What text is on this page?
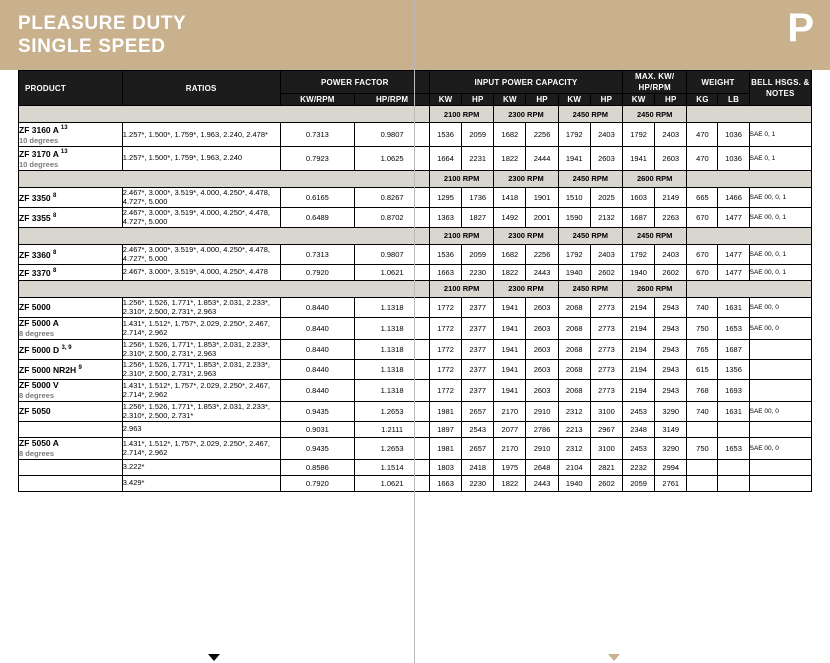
PLEASURE DUTY
SINGLE SPEED	P
PRODUCT	RATIOS	POWER FACTOR		INPUT POWER CAPACITY						MAX. KW/ HP/RPM		WEIGHT		BELL HSGS. & NOTES
		KW/RPM	HP/RPM	KW	HP	KW	HP	KW	HP	KW	HP	KG	LB	
				2100 RPM		2300 RPM		2450 RPM		2450 RPM				
ZF 3160 A $^{13}$
10 degrees	1.257*, 1.500*, 1.759*, 1.963, 2.240, 2.478*	0.7313	0.9807	1536	2059	1682	2256	1792	2403	1792	2403	470	1036	SAE 0, 1
ZF 3170 A $^{13}$
10 degrees	1.257*, 1.500*, 1.759*, 1.963, 2.240	0.7923	1.0625	1664	2231	1822	2444	1941	2603	1941	2603	470	1036	SAE 0, 1
				2100 RPM		2300 RPM		2450 RPM		2600 RPM				
ZF 3350 $^8$	2.467*, 3.000*, 3.519*, 4.000, 4.250*, 4.478, 4.727*, 5.000	0.6165	0.8267	1295	1736	1418	1901	1510	2025	1603	2149	665	1466	SAE 00, 0, 1
ZF 3355 $^8$	2.467*, 3.000*, 3.519*, 4.000, 4.250*, 4.478, 4.727*, 5.000	0.6489	0.8702	1363	1827	1492	2001	1590	2132	1687	2263	670	1477	SAE 00, 0, 1
				2100 RPM		2300 RPM		2450 RPM		2450 RPM				
ZF 3360 $^8$	2.467*, 3.000*, 3.519*, 4.000, 4.250*, 4.478, 4.727*, 5.000	0.7313	0.9807	1536	2059	1682	2256	1792	2403	1792	2403	670	1477	SAE 00, 0, 1
ZF 3370 $^8$	2.467*, 3.000*, 3.519*, 4.000, 4.250*, 4.478	0.7920	1.0621	1663	2230	1822	2443	1940	2602	1940	2602	670	1477	SAE 00, 0, 1
				2100 RPM		2300 RPM		2450 RPM		2600 RPM				
ZF 5000	1.256*, 1.526, 1.771*, 1.853*, 2.031, 2.233*, 2.310*, 2.500, 2.731*, 2.963	0.8440	1.1318	1772	2377	1941	2603	2068	2773	2194	2943	740	1631	SAE 00, 0
ZF 5000 A
8 degrees	1.431*, 1.512*, 1.757*, 2.029, 2.250*, 2.467, 2.714*, 2.962	0.8440	1.1318	1772	2377	1941	2603	2068	2773	2194	2943	750	1653	SAE 00, 0
ZF 5000 D $^{3, 9}$	1.256*, 1.526, 1.771*, 1.853*, 2.031, 2.233*, 2.310*, 2.500, 2.731*, 2.963	0.8440	1.1318	1772	2377	1941	2603	2068	2773	2194	2943	765	1687	
ZF 5000 NR2H $^9$	1.256*, 1.526, 1.771*, 1.853*, 2.031, 2.233*, 2.310*, 2.500, 2.731*, 2.963	0.8440	1.1318	1772	2377	1941	2603	2068	2773	2194	2943	615	1356	
ZF 5000 V
8 degrees	1.431*, 1.512*, 1.757*, 2.029, 2.250*, 2.467, 2.714*, 2.962	0.8440	1.1318	1772	2377	1941	2603	2068	2773	2194	2943	768	1693	
ZF 5050	1.256*, 1.526, 1.771*, 1.853*, 2.031, 2.233*, 2.310*, 2.500, 2.731*	0.9435	1.2653	1981	2657	2170	2910	2312	3100	2453	3290	740	1631	SAE 00, 0
	2.963	0.9031	1.2111	1897	2543	2077	2786	2213	2967	2348	3149			
ZF 5050 A
8 degrees	1.431*, 1.512*, 1.757*, 2.029, 2.250*, 2.467, 2.714*, 2.962	0.9435	1.2653	1981	2657	2170	2910	2312	3100	2453	3290	750	1653	SAE 00, 0
	3.222*	0.8586	1.1514	1803	2418	1975	2648	2104	2821	2232	2994			
	3.429*	0.7920	1.0621	1663	2230	1822	2443	1940	2602	2059	2761			
